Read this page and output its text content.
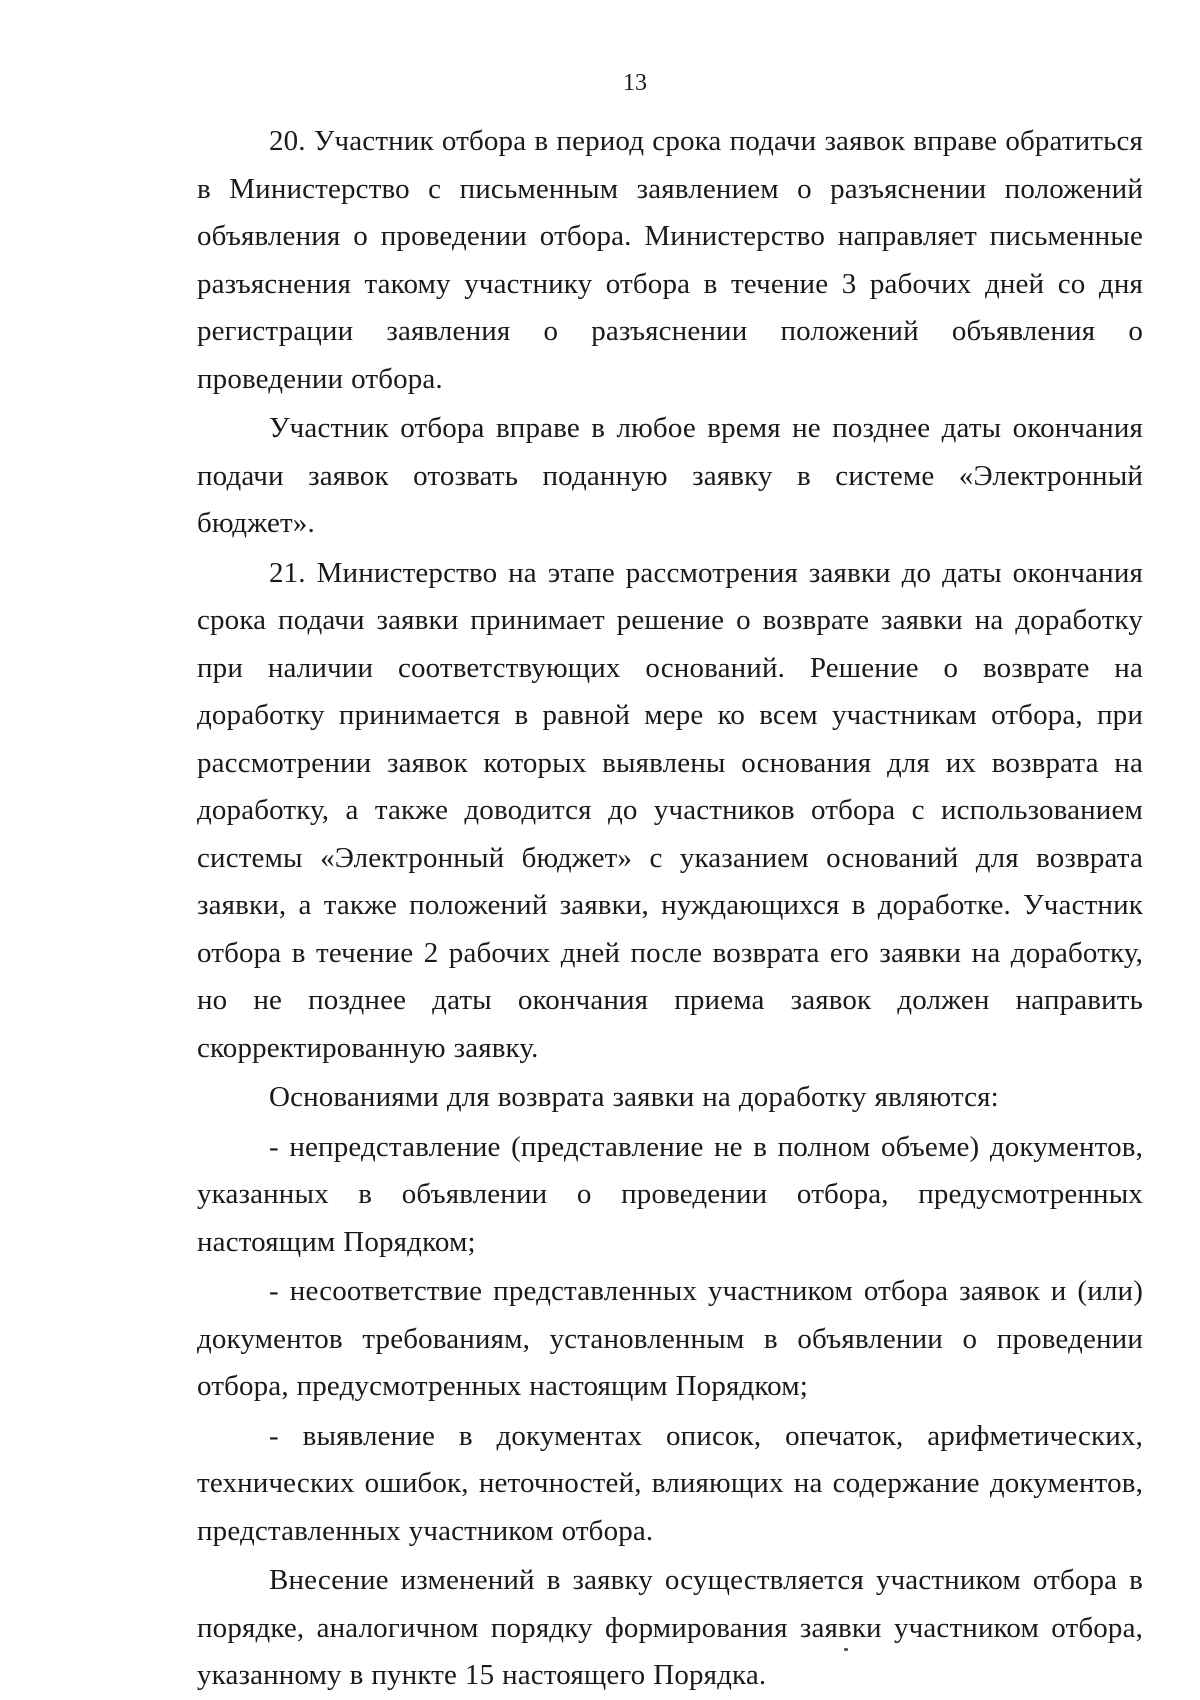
13

20. Участник отбора в период срока подачи заявок вправе обратиться в Министерство с письменным заявлением о разъяснении положений объявления о проведении отбора. Министерство направляет письменные разъяснения такому участнику отбора в течение 3 рабочих дней со дня регистрации заявления о разъяснении положений объявления о проведении отбора.

Участник отбора вправе в любое время не позднее даты окончания подачи заявок отозвать поданную заявку в системе «Электронный бюджет».

21. Министерство на этапе рассмотрения заявки до даты окончания срока подачи заявки принимает решение о возврате заявки на доработку при наличии соответствующих оснований. Решение о возврате на доработку принимается в равной мере ко всем участникам отбора, при рассмотрении заявок которых выявлены основания для их возврата на доработку, а также доводится до участников отбора с использованием системы «Электронный бюджет» с указанием оснований для возврата заявки, а также положений заявки, нуждающихся в доработке. Участник отбора в течение 2 рабочих дней после возврата его заявки на доработку, но не позднее даты окончания приема заявок должен направить скорректированную заявку.

Основаниями для возврата заявки на доработку являются:

- непредставление (представление не в полном объеме) документов, указанных в объявлении о проведении отбора, предусмотренных настоящим Порядком;

- несоответствие представленных участником отбора заявок и (или) документов требованиям, установленным в объявлении о проведении отбора, предусмотренных настоящим Порядком;

- выявление в документах описок, опечаток, арифметических, технических ошибок, неточностей, влияющих на содержание документов, представленных участником отбора.

Внесение изменений в заявку осуществляется участником отбора в порядке, аналогичном порядку формирования заявки участником отбора, указанному в пункте 15 настоящего Порядка.
